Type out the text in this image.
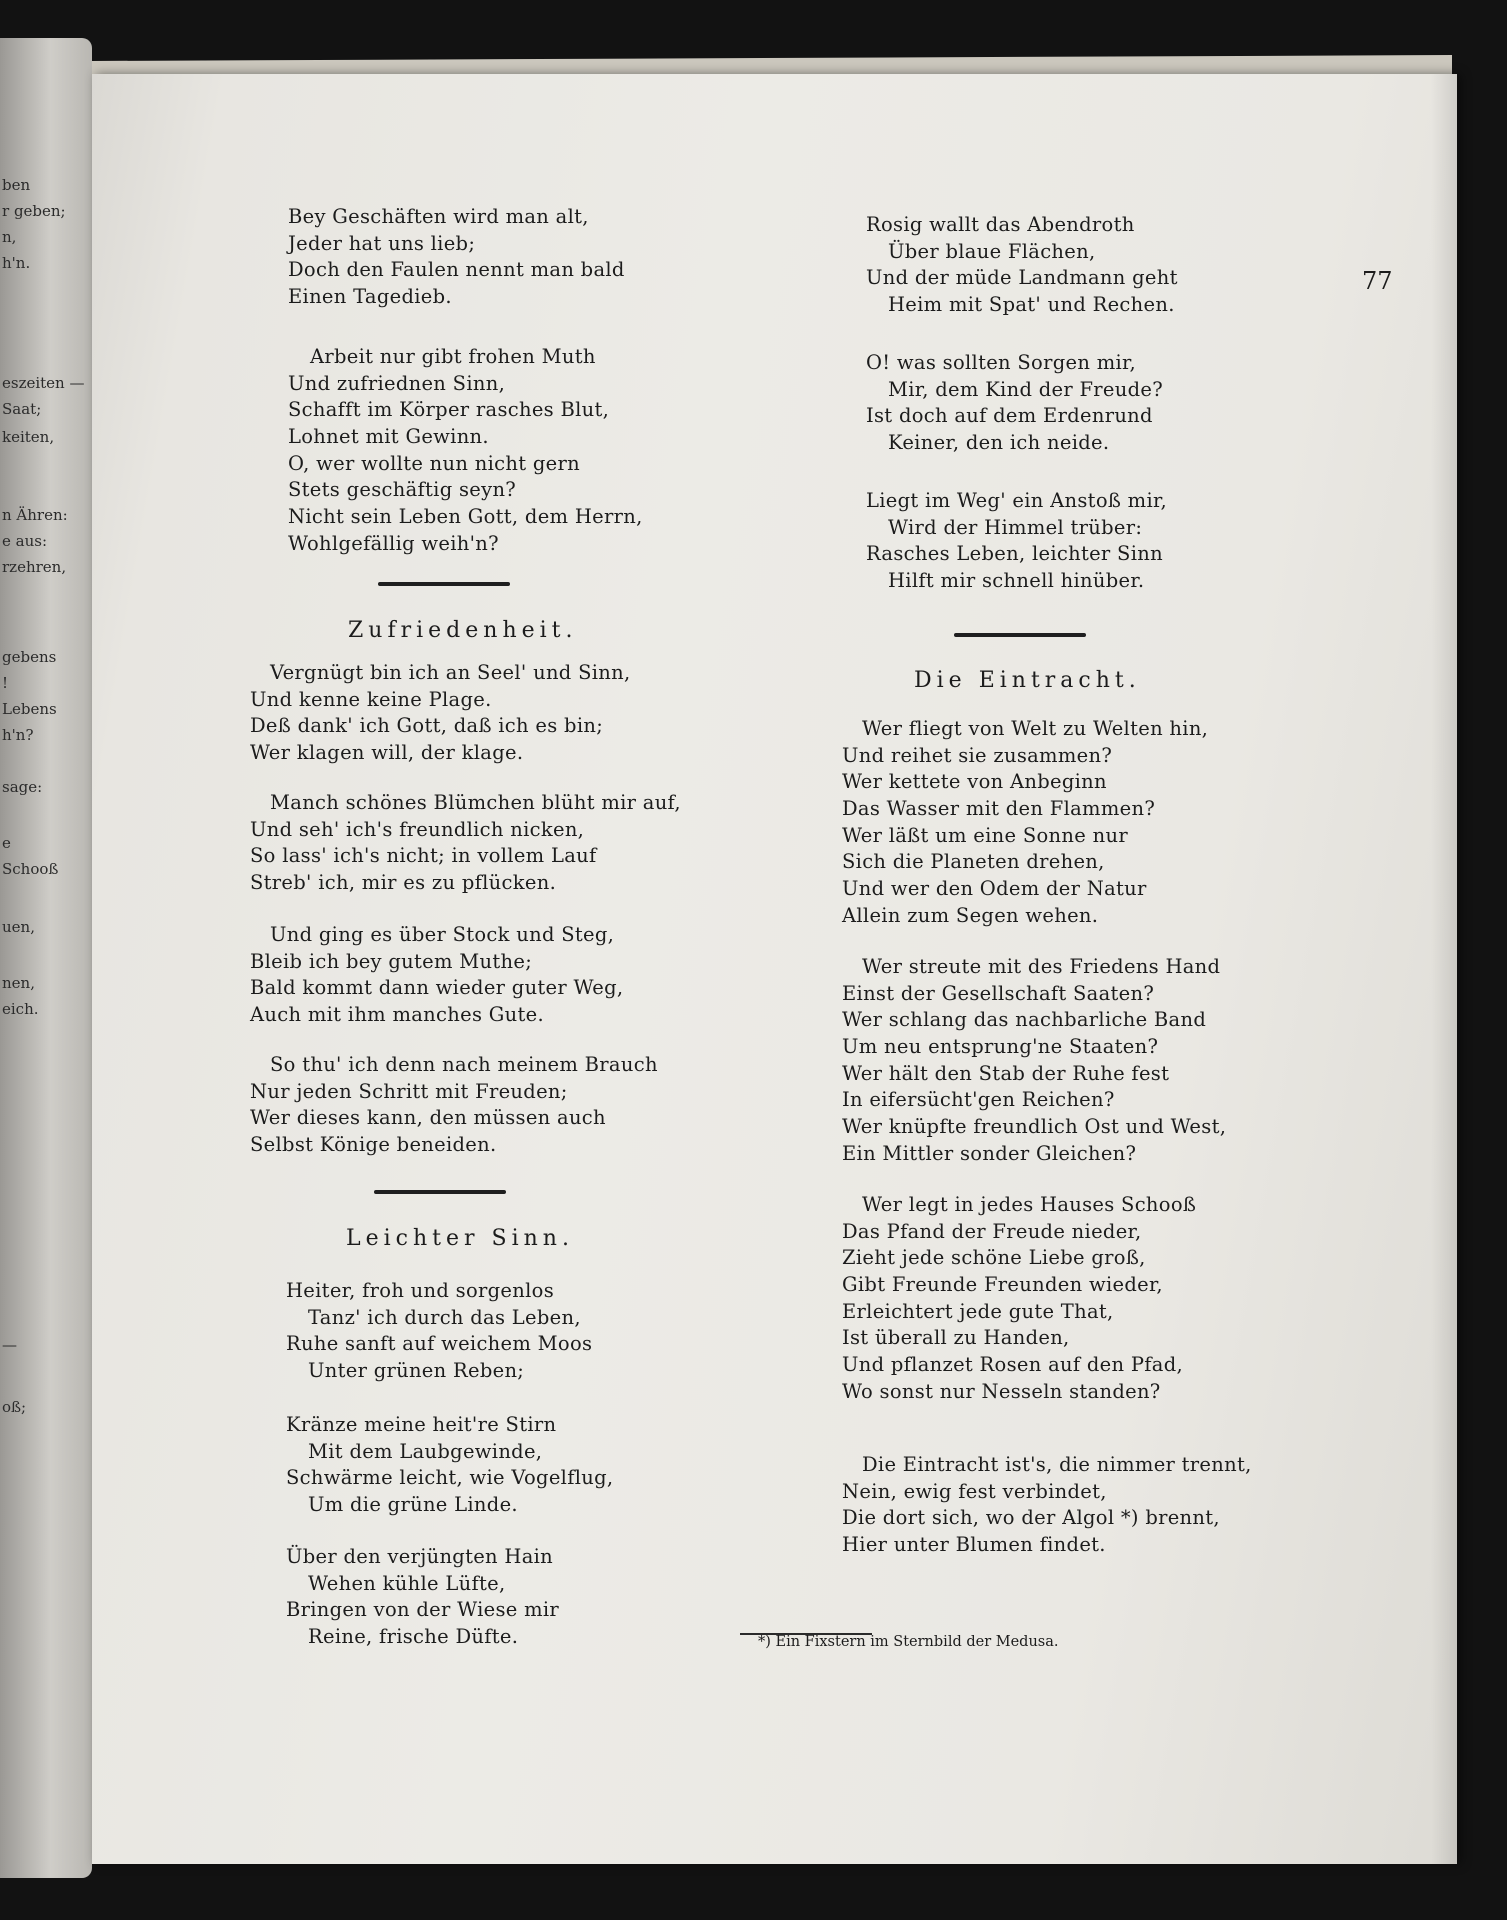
ben
r geben;
n,
h'n.
eszeiten —
Saat;
keiten,
n Ähren:
e aus:
rzehren,
gebens
!
Lebens
h'n?
sage:
e
Schooß
uen,
nen,
eich.
—
oß;
77
Bey Geschäften wird man alt,
Jeder hat uns lieb;
Doch den Faulen nennt man bald
Einen Tagedieb.
Arbeit nur gibt frohen Muth
Und zufriednen Sinn,
Schafft im Körper rasches Blut,
Lohnet mit Gewinn.
O, wer wollte nun nicht gern
Stets geschäftig seyn?
Nicht sein Leben Gott, dem Herrn,
Wohlgefällig weih'n?
Zufriedenheit.
Vergnügt bin ich an Seel' und Sinn,
Und kenne keine Plage.
Deß dank' ich Gott, daß ich es bin;
Wer klagen will, der klage.
Manch schönes Blümchen blüht mir auf,
Und seh' ich's freundlich nicken,
So lass' ich's nicht; in vollem Lauf
Streb' ich, mir es zu pflücken.
Und ging es über Stock und Steg,
Bleib ich bey gutem Muthe;
Bald kommt dann wieder guter Weg,
Auch mit ihm manches Gute.
So thu' ich denn nach meinem Brauch
Nur jeden Schritt mit Freuden;
Wer dieses kann, den müssen auch
Selbst Könige beneiden.
Leichter Sinn.
Heiter, froh und sorgenlos
Tanz' ich durch das Leben,
Ruhe sanft auf weichem Moos
Unter grünen Reben;
Kränze meine heit're Stirn
Mit dem Laubgewinde,
Schwärme leicht, wie Vogelflug,
Um die grüne Linde.
Über den verjüngten Hain
Wehen kühle Lüfte,
Bringen von der Wiese mir
Reine, frische Düfte.
Rosig wallt das Abendroth
Über blaue Flächen,
Und der müde Landmann geht
Heim mit Spat' und Rechen.
O! was sollten Sorgen mir,
Mir, dem Kind der Freude?
Ist doch auf dem Erdenrund
Keiner, den ich neide.
Liegt im Weg' ein Anstoß mir,
Wird der Himmel trüber:
Rasches Leben, leichter Sinn
Hilft mir schnell hinüber.
Die Eintracht.
Wer fliegt von Welt zu Welten hin,
Und reihet sie zusammen?
Wer kettete von Anbeginn
Das Wasser mit den Flammen?
Wer läßt um eine Sonne nur
Sich die Planeten drehen,
Und wer den Odem der Natur
Allein zum Segen wehen.
Wer streute mit des Friedens Hand
Einst der Gesellschaft Saaten?
Wer schlang das nachbarliche Band
Um neu entsprung'ne Staaten?
Wer hält den Stab der Ruhe fest
In eifersücht'gen Reichen?
Wer knüpfte freundlich Ost und West,
Ein Mittler sonder Gleichen?
Wer legt in jedes Hauses Schooß
Das Pfand der Freude nieder,
Zieht jede schöne Liebe groß,
Gibt Freunde Freunden wieder,
Erleichtert jede gute That,
Ist überall zu Handen,
Und pflanzet Rosen auf den Pfad,
Wo sonst nur Nesseln standen?
Die Eintracht ist's, die nimmer trennt,
Nein, ewig fest verbindet,
Die dort sich, wo der Algol *) brennt,
Hier unter Blumen findet.
*) Ein Fixstern im Sternbild der Medusa.
